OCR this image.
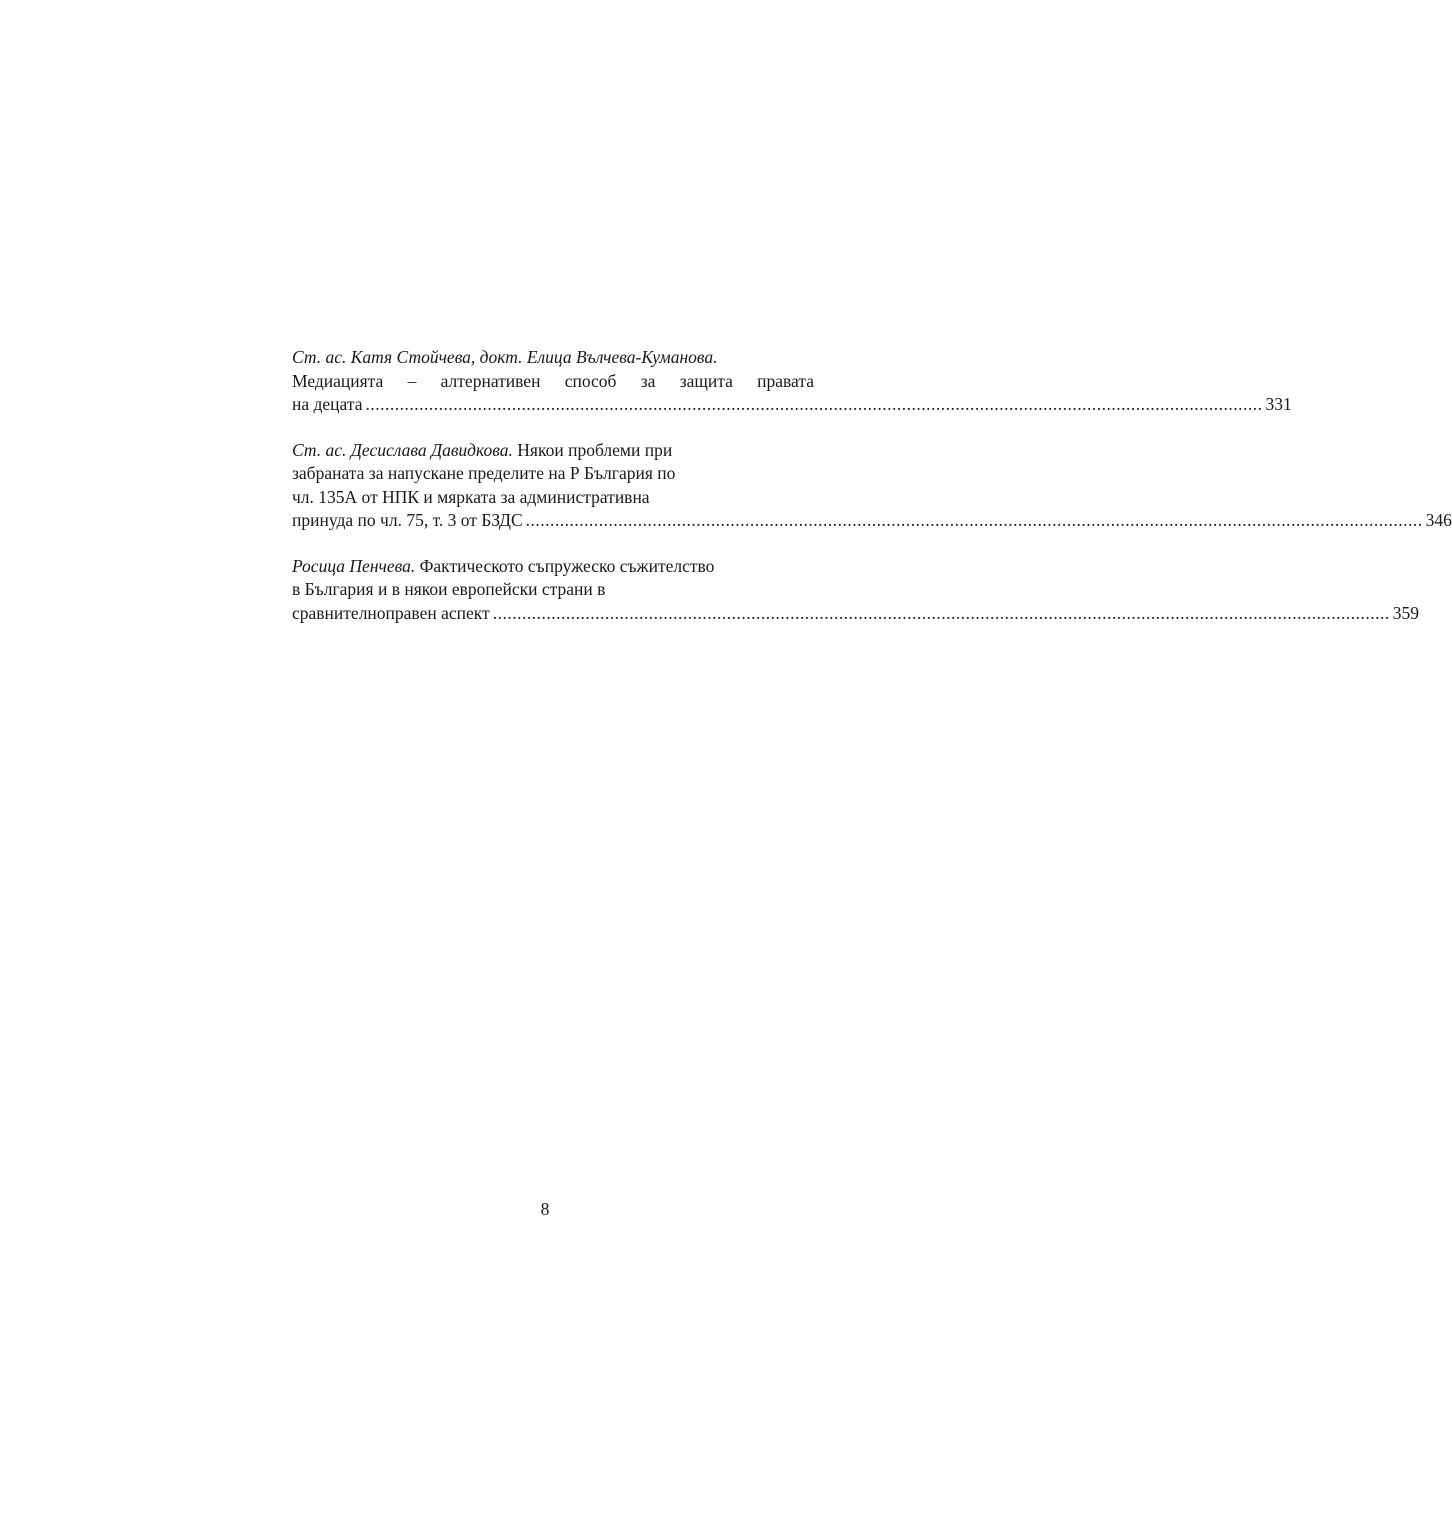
Ст. ас. Катя Стойчева, докт. Елица Вълчева-Куманова.
Медиацията – алтернативен способ за защита правата
на децата ........................................................................................................................................................................................ 331
Ст. ас. Десислава Давидкова. Някои проблеми при
забраната за напускане пределите на Р България по
чл. 135А от НПК и мярката за административна
принуда по чл. 75, т. 3 от БЗДС ........................................................................................................................................................................................ 346
Росица Пенчева. Фактическото съпружеско съжителство
в България и в някои европейски страни в
сравнителноправен аспект ........................................................................................................................................................................................ 359
8
